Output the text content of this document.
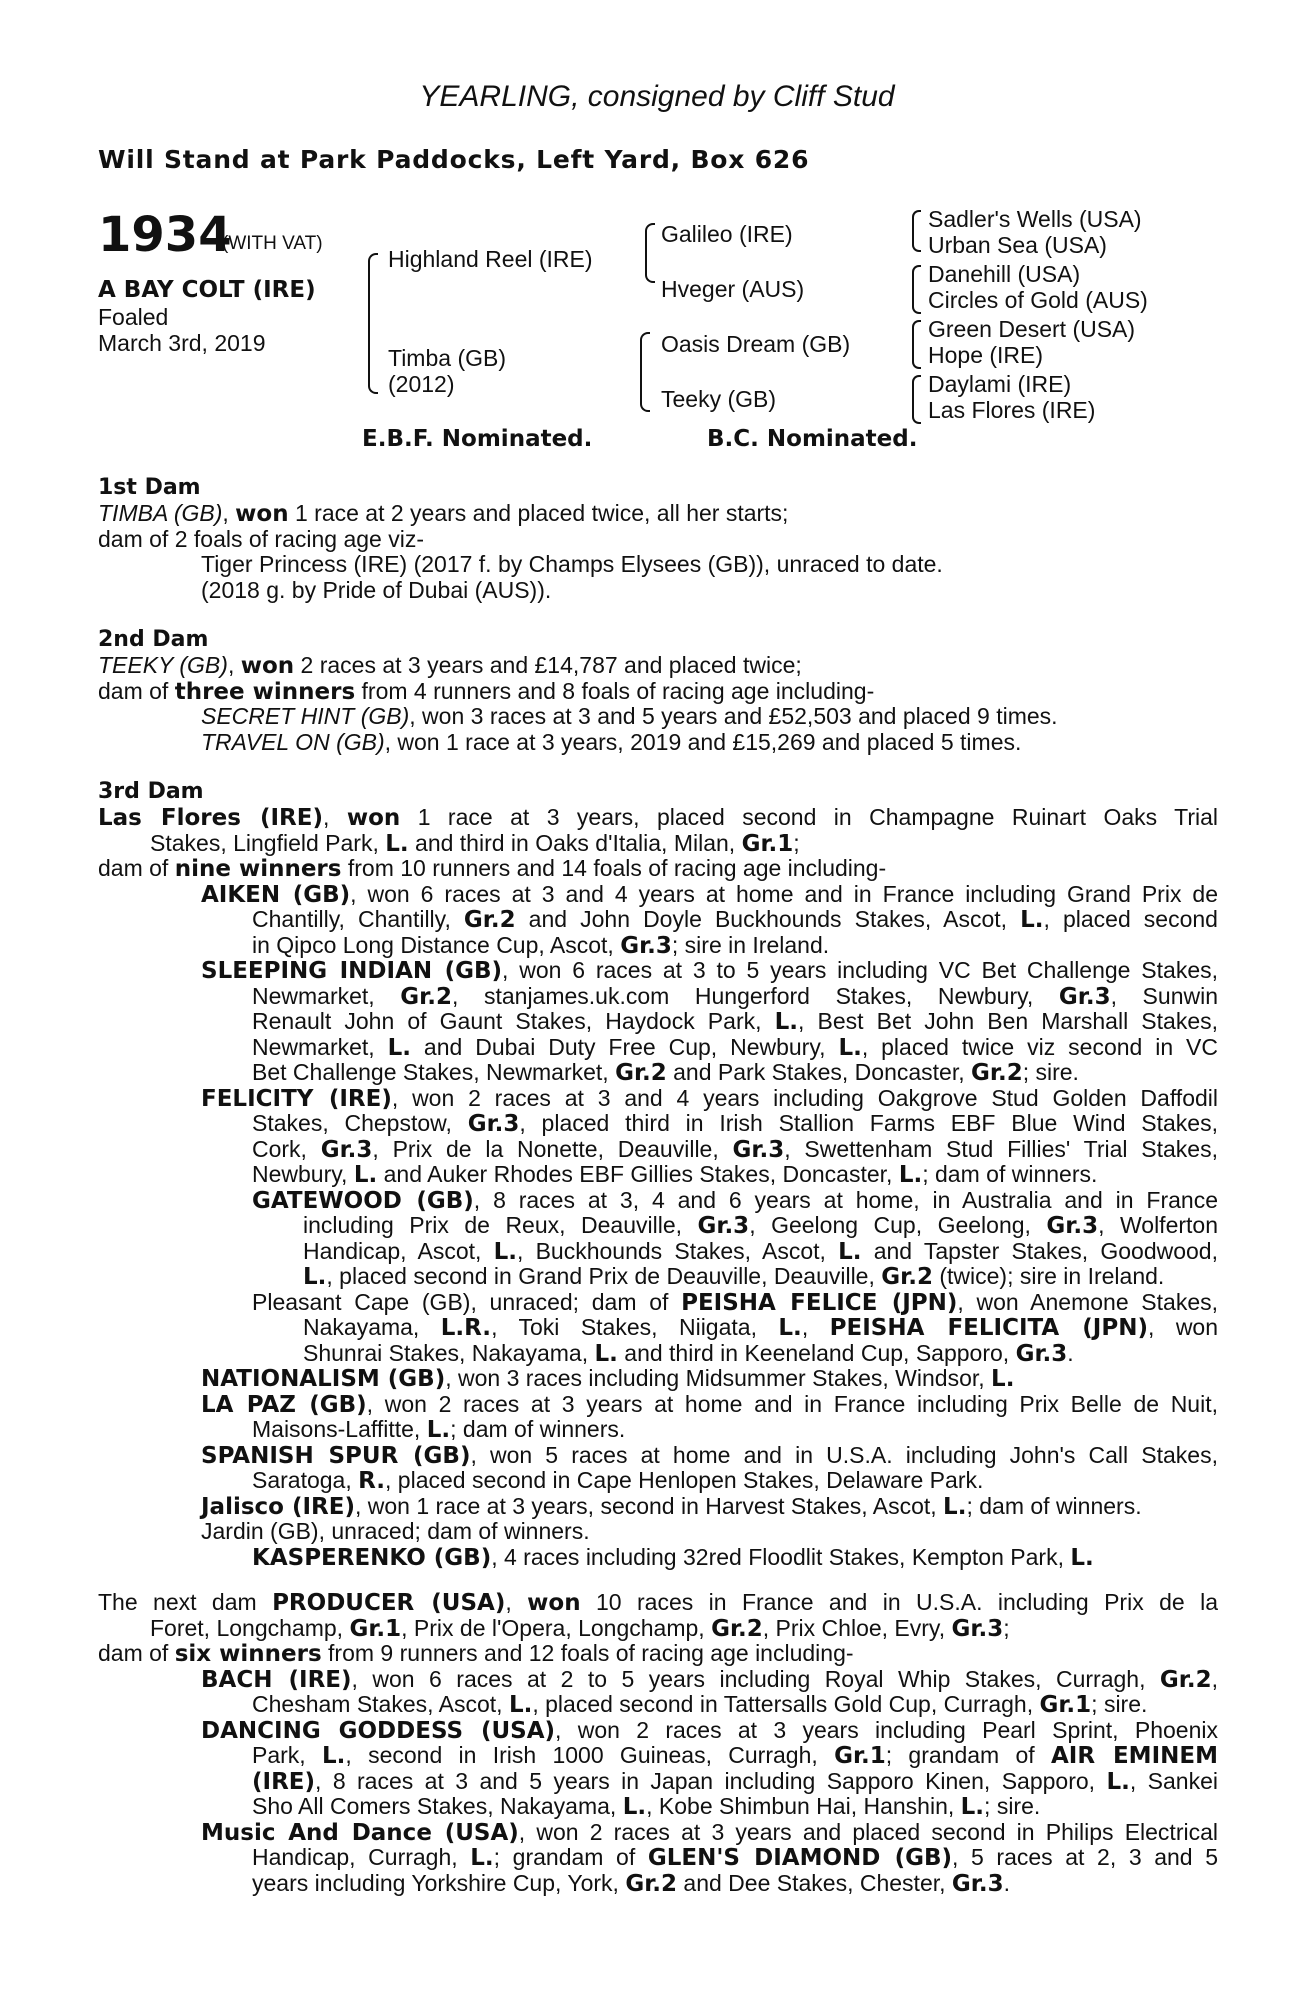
YEARLING, consigned by Cliff Stud
Will Stand at Park Paddocks, Left Yard, Box 626
1934
(WITH VAT)
A BAY COLT (IRE)
Foaled
March 3rd, 2019
Highland Reel (IRE)
Timba (GB)
(2012)
Galileo (IRE)
Hveger (AUS)
Oasis Dream (GB)
Teeky (GB)
Sadler's Wells (USA)
Urban Sea (USA)
Danehill (USA)
Circles of Gold (AUS)
Green Desert (USA)
Hope (IRE)
Daylami (IRE)
Las Flores (IRE)
E.B.F. Nominated.	B.C. Nominated.
1st Dam
TIMBA (GB), won 1 race at 2 years and placed twice, all her starts;
dam of 2 foals of racing age viz-
Tiger Princess (IRE) (2017 f. by Champs Elysees (GB)), unraced to date.
(2018 g. by Pride of Dubai (AUS)).
2nd Dam
TEEKY (GB), won 2 races at 3 years and £14,787 and placed twice;
dam of three winners from 4 runners and 8 foals of racing age including-
SECRET HINT (GB), won 3 races at 3 and 5 years and £52,503 and placed 9 times.
TRAVEL ON (GB), won 1 race at 3 years, 2019 and £15,269 and placed 5 times.
3rd Dam
Las Flores (IRE), won 1 race at 3 years, placed second in Champagne Ruinart Oaks Trial
Stakes, Lingfield Park, L. and third in Oaks d'Italia, Milan, Gr.1;
dam of nine winners from 10 runners and 14 foals of racing age including-
AIKEN (GB), won 6 races at 3 and 4 years at home and in France including Grand Prix de
Chantilly, Chantilly, Gr.2 and John Doyle Buckhounds Stakes, Ascot, L., placed second
in Qipco Long Distance Cup, Ascot, Gr.3; sire in Ireland.
SLEEPING INDIAN (GB), won 6 races at 3 to 5 years including VC Bet Challenge Stakes,
Newmarket, Gr.2, stanjames.uk.com Hungerford Stakes, Newbury, Gr.3, Sunwin
Renault John of Gaunt Stakes, Haydock Park, L., Best Bet John Ben Marshall Stakes,
Newmarket, L. and Dubai Duty Free Cup, Newbury, L., placed twice viz second in VC
Bet Challenge Stakes, Newmarket, Gr.2 and Park Stakes, Doncaster, Gr.2; sire.
FELICITY (IRE), won 2 races at 3 and 4 years including Oakgrove Stud Golden Daffodil
Stakes, Chepstow, Gr.3, placed third in Irish Stallion Farms EBF Blue Wind Stakes,
Cork, Gr.3, Prix de la Nonette, Deauville, Gr.3, Swettenham Stud Fillies' Trial Stakes,
Newbury, L. and Auker Rhodes EBF Gillies Stakes, Doncaster, L.; dam of winners.
GATEWOOD (GB), 8 races at 3, 4 and 6 years at home, in Australia and in France
including Prix de Reux, Deauville, Gr.3, Geelong Cup, Geelong, Gr.3, Wolferton
Handicap, Ascot, L., Buckhounds Stakes, Ascot, L. and Tapster Stakes, Goodwood,
L., placed second in Grand Prix de Deauville, Deauville, Gr.2 (twice); sire in Ireland.
Pleasant Cape (GB), unraced; dam of PEISHA FELICE (JPN), won Anemone Stakes,
Nakayama, L.R., Toki Stakes, Niigata, L., PEISHA FELICITA (JPN), won
Shunrai Stakes, Nakayama, L. and third in Keeneland Cup, Sapporo, Gr.3.
NATIONALISM (GB), won 3 races including Midsummer Stakes, Windsor, L.
LA PAZ (GB), won 2 races at 3 years at home and in France including Prix Belle de Nuit,
Maisons-Laffitte, L.; dam of winners.
SPANISH SPUR (GB), won 5 races at home and in U.S.A. including John's Call Stakes,
Saratoga, R., placed second in Cape Henlopen Stakes, Delaware Park.
Jalisco (IRE), won 1 race at 3 years, second in Harvest Stakes, Ascot, L.; dam of winners.
Jardin (GB), unraced; dam of winners.
KASPERENKO (GB), 4 races including 32red Floodlit Stakes, Kempton Park, L.
The next dam PRODUCER (USA), won 10 races in France and in U.S.A. including Prix de la
Foret, Longchamp, Gr.1, Prix de l'Opera, Longchamp, Gr.2, Prix Chloe, Evry, Gr.3;
dam of six winners from 9 runners and 12 foals of racing age including-
BACH (IRE), won 6 races at 2 to 5 years including Royal Whip Stakes, Curragh, Gr.2,
Chesham Stakes, Ascot, L., placed second in Tattersalls Gold Cup, Curragh, Gr.1; sire.
DANCING GODDESS (USA), won 2 races at 3 years including Pearl Sprint, Phoenix
Park, L., second in Irish 1000 Guineas, Curragh, Gr.1; grandam of AIR EMINEM
(IRE), 8 races at 3 and 5 years in Japan including Sapporo Kinen, Sapporo, L., Sankei
Sho All Comers Stakes, Nakayama, L., Kobe Shimbun Hai, Hanshin, L.; sire.
Music And Dance (USA), won 2 races at 3 years and placed second in Philips Electrical
Handicap, Curragh, L.; grandam of GLEN'S DIAMOND (GB), 5 races at 2, 3 and 5
years including Yorkshire Cup, York, Gr.2 and Dee Stakes, Chester, Gr.3.
